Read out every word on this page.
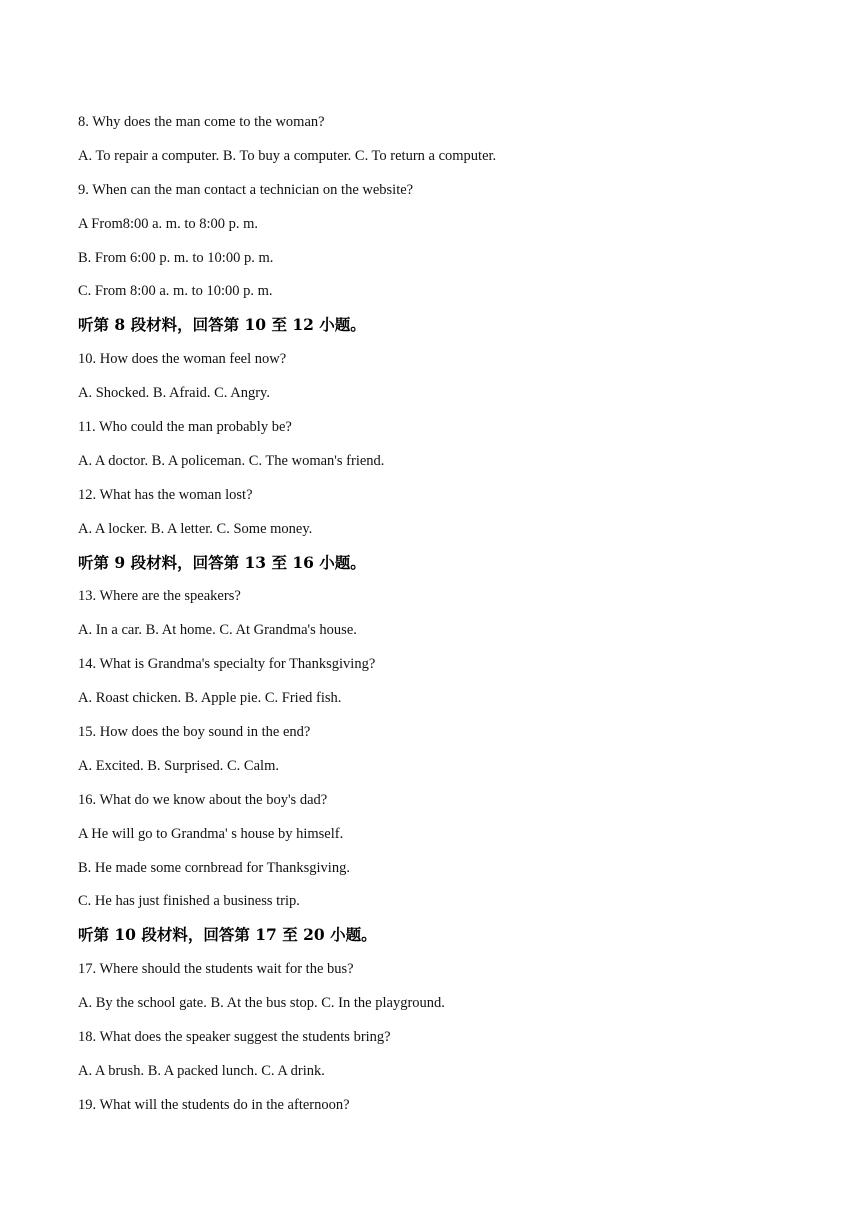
8. Why does the man come to the woman?
A. To repair a computer. B. To buy a computer. C. To return a computer.
9. When can the man contact a technician on the website?
A From8:00 a. m. to 8:00 p. m.
B. From 6:00 p. m. to 10:00 p. m.
C. From 8:00 a. m. to 10:00 p. m.
听第 8 段材料，回答第 10 至 12 小题。
10. How does the woman feel now?
A. Shocked. B. Afraid. C. Angry.
11. Who could the man probably be?
A. A doctor. B. A policeman. C. The woman's friend.
12. What has the woman lost?
A. A locker. B. A letter. C. Some money.
听第 9 段材料，回答第 13 至 16 小题。
13. Where are the speakers?
A. In a car. B. At home. C. At Grandma's house.
14. What is Grandma's specialty for Thanksgiving?
A. Roast chicken. B. Apple pie. C. Fried fish.
15. How does the boy sound in the end?
A. Excited. B. Surprised. C. Calm.
16. What do we know about the boy's dad?
A He will go to Grandma' s house by himself.
B. He made some cornbread for Thanksgiving.
C. He has just finished a business trip.
听第 10 段材料，回答第 17 至 20 小题。
17. Where should the students wait for the bus?
A. By the school gate. B. At the bus stop. C. In the playground.
18. What does the speaker suggest the students bring?
A. A brush. B. A packed lunch. C. A drink.
19. What will the students do in the afternoon?
